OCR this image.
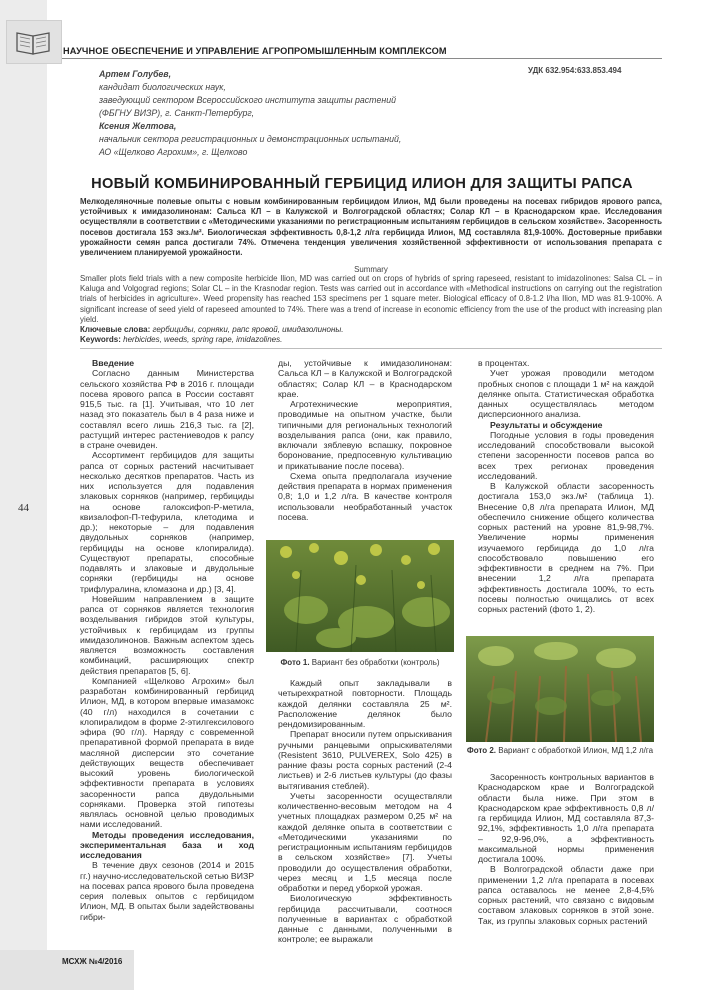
НАУЧНОЕ ОБЕСПЕЧЕНИЕ И УПРАВЛЕНИЕ АГРОПРОМЫШЛЕННЫМ КОМПЛЕКСОМ
УДК 632.954:633.853.494
Артем Голубев,
кандидат биологических наук,
заведующий сектором Всероссийского института защиты растений
(ФБГНУ ВИЗР), г. Санкт-Петербург,
Ксения Желтова,
начальник сектора регистрационных и демонстрационных испытаний,
АО «Щелково Агрохим», г. Щелково
НОВЫЙ КОМБИНИРОВАННЫЙ ГЕРБИЦИД ИЛИОН ДЛЯ ЗАЩИТЫ РАПСА
Мелкоделяночные полевые опыты с новым комбинированным гербицидом Илион, МД были проведены на посевах гибридов ярового рапса, устойчивых к имидазолинонам: Сальса КЛ – в Калужской и Волгоградской областях; Солар КЛ – в Краснодарском крае. Исследования осуществляли в соответствии с «Методическими указаниями по регистрационным испытаниям гербицидов в сельском хозяйстве». Засоренность посевов достигала 153 экз./м². Биологическая эффективность 0,8-1,2 л/га гербицида Илион, МД составляла 81,9-100%. Достоверные прибавки урожайности семян рапса достигали 74%. Отмечена тенденция увеличения хозяйственной эффективности от использования препарата с увеличением планируемой урожайности.
Summary
Smaller plots field trials with a new composite herbicide Ilion, MD was carried out on crops of hybrids of spring rapeseed, resistant to imidazolinones: Salsa CL – in Kaluga and Volgograd regions; Solar CL – in the Krasnodar region. Tests was carried out in accordance with «Methodical instructions on carrying out the registration trials of herbicides in agriculture». Weed propensity has reached 153 specimens per 1 square meter. Biological efficacy of 0.8-1.2 l/ha Ilion, MD was 81.9-100%. A significant increase of seed yield of rapeseed amounted to 74%. There was a trend of increase in economic efficiency from the use of the product with increasing plan yield.
Ключевые слова: гербициды, сорняки, рапс яровой, имидазолиноны.
Keywords: herbicides, weeds, spring rape, imidazolines.

Введение

Согласно данным Министерства сельского хозяйства РФ в 2016 г. площади посева ярового рапса в России составят 915,5 тыс. га [1]. Учитывая, что 10 лет назад это показатель был в 4 раза ниже и составлял всего лишь 216,3 тыс. га [2], растущий интерес растениеводов к рапсу в стране очевиден.

Ассортимент гербицидов для защиты рапса от сорных растений насчитывает несколько десятков препаратов. Часть из них используется для подавления злаковых сорняков (например, гербициды на основе галоксифоп-Р-метила, квизалофоп-П-тефурила, клетодима и др.); некоторые – для подавления двудольных сорняков (например, гербициды на основе клопиралида). Существуют препараты, способные подавлять и злаковые и двудольные сорняки (гербициды на основе трифлуралина, кломазона и др.) [3, 4].

Новейшим направлением в защите рапса от сорняков является технология возделывания гибридов этой культуры, устойчивых к гербицидам из группы имидазолинонов. Важным аспектом здесь является возможность составления комбинаций, расширяющих спектр действия препаратов [5, 6].

Компанией «Щелково Агрохим» был разработан комбинированный гербицид Илион, МД, в котором впервые имазамокс (40 г/л) находился в сочетании с клопиралидом в форме 2-этилгексилового эфира (90 г/л). Наряду с современной препаративной формой препарата в виде масляной дисперсии это сочетание действующих веществ обеспечивает высокий уровень биологической эффективности препарата в условиях засоренности рапса двудольными сорняками. Проверка этой гипотезы являлась основной целью проводимых нами исследований.

Методы проведения исследования, экспериментальная база и ход исследования

В течение двух сезонов (2014 и 2015 гг.) научно-исследовательской сетью ВИЗР на посевах рапса ярового была проведена серия полевых опытов с гербицидом Илион, МД. В опытах были задействованы гибри-

ды, устойчивые к имидазолинонам: Сальса КЛ – в Калужской и Волгоградской областях; Солар КЛ – в Краснодарском крае.

Агротехнические мероприятия, проводимые на опытном участке, были типичными для региональных технологий возделывания рапса (они, как правило, включали зяблевую вспашку, покровное боронование, предпосевную культивацию и прикатывание после посева).

Схема опыта предполагала изучение действия препарата в нормах применения 0,8; 1,0 и 1,2 л/га. В качестве контроля использовали необработанный участок посева.

Фото 1. Вариант без обработки (контроль)

Каждый опыт закладывали в четырехкратной повторности. Площадь каждой делянки составляла 25 м². Расположение делянок было рендомизированным.

Препарат вносили путем опрыскивания ручными ранцевыми опрыскивателями (Resistent 3610, PULVEREX, Solo 425) в ранние фазы роста сорных растений (2-4 листьев) и 2-6 листьев культуры (до фазы вытягивания стеблей).

Учеты засоренности осуществляли количественно-весовым методом на 4 учетных площадках размером 0,25 м² на каждой делянке опыта в соответствии с «Методическими указаниями по регистрационным испытаниям гербицидов в сельском хозяйстве» [7]. Учеты проводили до осуществления обработки, через месяц и 1,5 месяца после обработки и перед уборкой урожая.

Биологическую эффективность гербицида рассчитывали, соотнося полученные в вариантах с обработкой данные с данными, полученными в контроле; ее выражали

в процентах.

Учет урожая проводили методом пробных снопов с площади 1 м² на каждой делянке опыта. Статистическая обработка данных осуществлялась методом дисперсионного анализа.

Результаты и обсуждение

Погодные условия в годы проведения исследований способствовали высокой степени засоренности посевов рапса во всех трех регионах проведения исследований.

В Калужской области засоренность достигала 153,0 экз./м² (таблица 1). Внесение 0,8 л/га препарата Илион, МД обеспечило снижение общего количества сорных растений на уровне 81,9-98,7%. Увеличение нормы применения изучаемого гербицида до 1,0 л/га способствовало повышению его эффективности в среднем на 7%. При внесении 1,2 л/га препарата эффективность достигала 100%, то есть посевы полностью очищались от всех сорных растений (фото 1, 2).

Фото 2. Вариант с обработкой Илион, МД 1,2 л/га

Засоренность контрольных вариантов в Краснодарском крае и Волгоградской области была ниже. При этом в Краснодарском крае эффективность 0,8 л/га гербицида Илион, МД составляла 87,3-92,1%, эффективность 1,0 л/га препарата – 92,9-96,0%, а эффективность максимальной нормы применения достигала 100%.

В Волгоградской области даже при применении 1,2 л/га препарата в посевах рапса оставалось не менее 2,8-4,5% сорных растений, что связано с видовым составом злаковых сорняков в этой зоне. Так, из группы злаковых сорных растений

44
МСХЖ №4/2016
